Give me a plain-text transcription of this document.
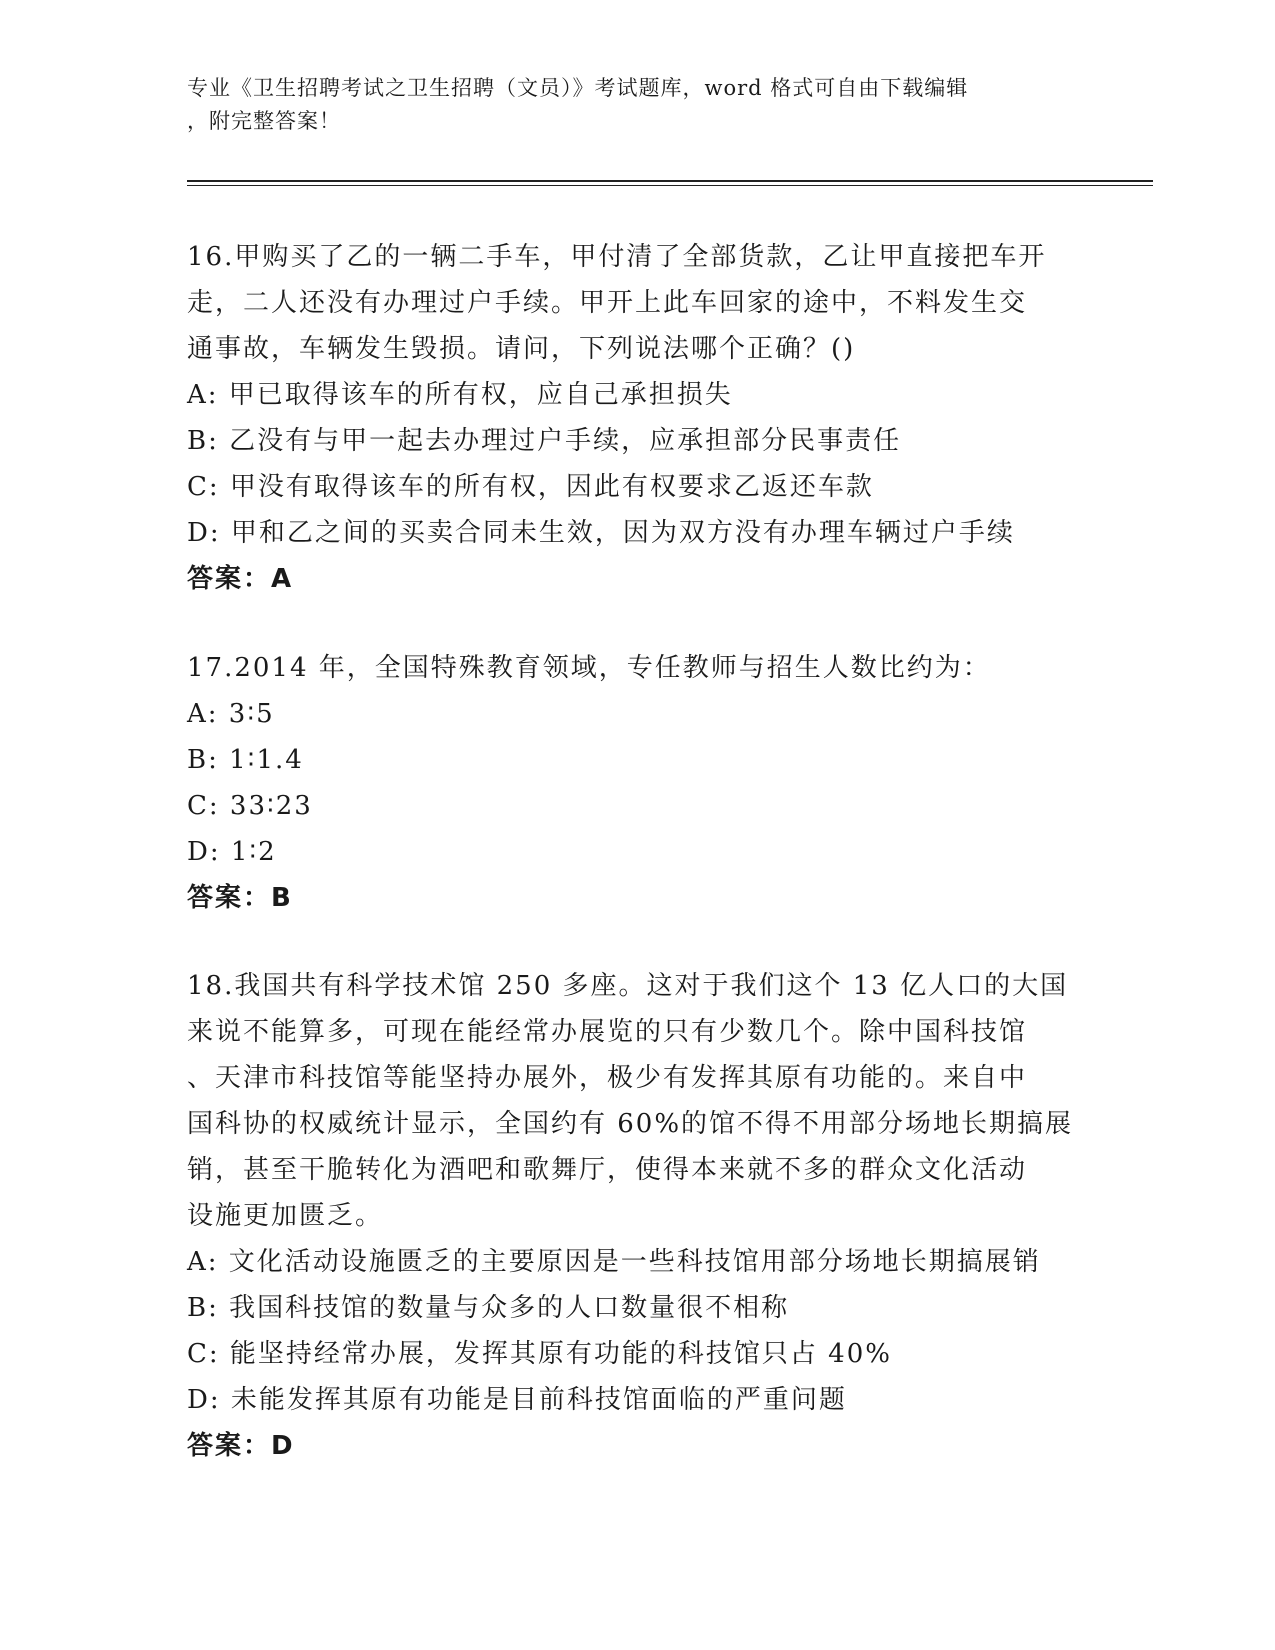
专业《卫生招聘考试之卫生招聘（文员）》考试题库，word 格式可自由下载编辑
，附完整答案！
16.甲购买了乙的一辆二手车，甲付清了全部货款，乙让甲直接把车开
走，二人还没有办理过户手续。甲开上此车回家的途中，不料发生交
通事故，车辆发生毁损。请问，下列说法哪个正确？()
A: 甲已取得该车的所有权，应自己承担损失
B: 乙没有与甲一起去办理过户手续，应承担部分民事责任
C: 甲没有取得该车的所有权，因此有权要求乙返还车款
D: 甲和乙之间的买卖合同未生效，因为双方没有办理车辆过户手续
答案：A
17.2014 年，全国特殊教育领域，专任教师与招生人数比约为：
A: 3∶5
B: 1∶1.4
C: 33∶23
D: 1∶2
答案：B
18.我国共有科学技术馆 250 多座。这对于我们这个 13 亿人口的大国
来说不能算多，可现在能经常办展览的只有少数几个。除中国科技馆
、天津市科技馆等能坚持办展外，极少有发挥其原有功能的。来自中
国科协的权威统计显示，全国约有 60%的馆不得不用部分场地长期搞展
销，甚至干脆转化为酒吧和歌舞厅，使得本来就不多的群众文化活动
设施更加匮乏。
A: 文化活动设施匮乏的主要原因是一些科技馆用部分场地长期搞展销
B: 我国科技馆的数量与众多的人口数量很不相称
C: 能坚持经常办展，发挥其原有功能的科技馆只占 40%
D: 未能发挥其原有功能是目前科技馆面临的严重问题
答案：D
